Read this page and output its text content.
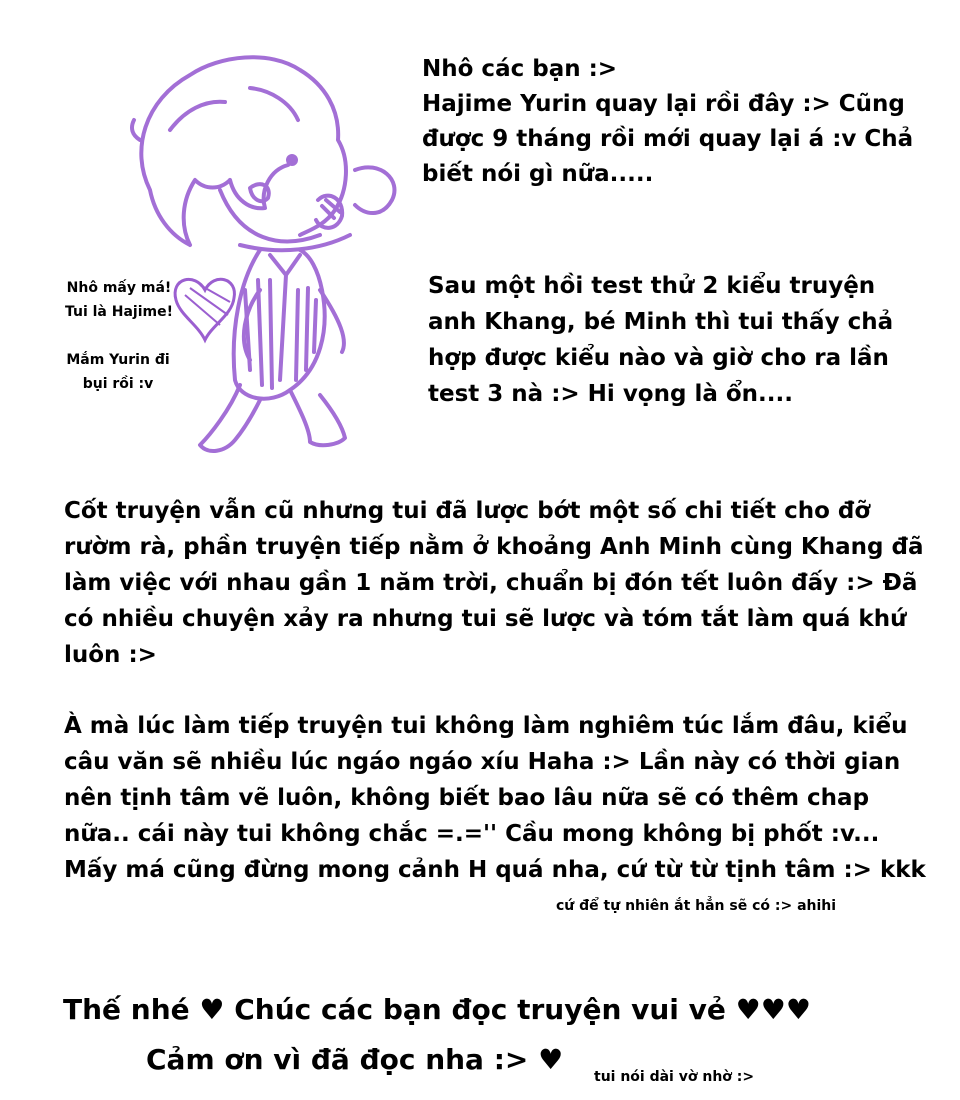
Nhô mấy má!
Tui là Hajime!
Mắm Yurin đi
bụi rồi :v
Nhô các bạn :>
Hajime Yurin quay lại rồi đây :> Cũng
được 9 tháng rồi mới quay lại á :v Chả
biết nói gì nữa.....
Sau một hồi test thử 2 kiểu truyện
anh Khang, bé Minh thì tui thấy chả
hợp được kiểu nào và giờ cho ra lần
test 3 nà :> Hi vọng là ổn....
Cốt truyện vẫn cũ nhưng tui đã lược bớt một số chi tiết cho đỡ
rườm rà, phần truyện tiếp nằm ở khoảng Anh Minh cùng Khang đã
làm việc với nhau gần 1 năm trời, chuẩn bị đón tết luôn đấy :> Đã
có nhiều chuyện xảy ra nhưng tui sẽ lược và tóm tắt làm quá khứ
luôn :>
À mà lúc làm tiếp truyện tui không làm nghiêm túc lắm đâu, kiểu
câu văn sẽ nhiều lúc ngáo ngáo xíu Haha :> Lần này có thời gian
nên tịnh tâm vẽ luôn, không biết bao lâu nữa sẽ có thêm chap
nữa.. cái này tui không chắc =.='' Cầu mong không bị phốt :v...
Mấy má cũng đừng mong cảnh H quá nha, cứ từ từ tịnh tâm :> kkk
cứ để tự nhiên ắt hẳn sẽ có :> ahihi
Thế nhé ♥ Chúc các bạn đọc truyện vui vẻ ♥♥♥
Cảm ơn vì đã đọc nha :> ♥
tui nói dài vờ nhờ :>
